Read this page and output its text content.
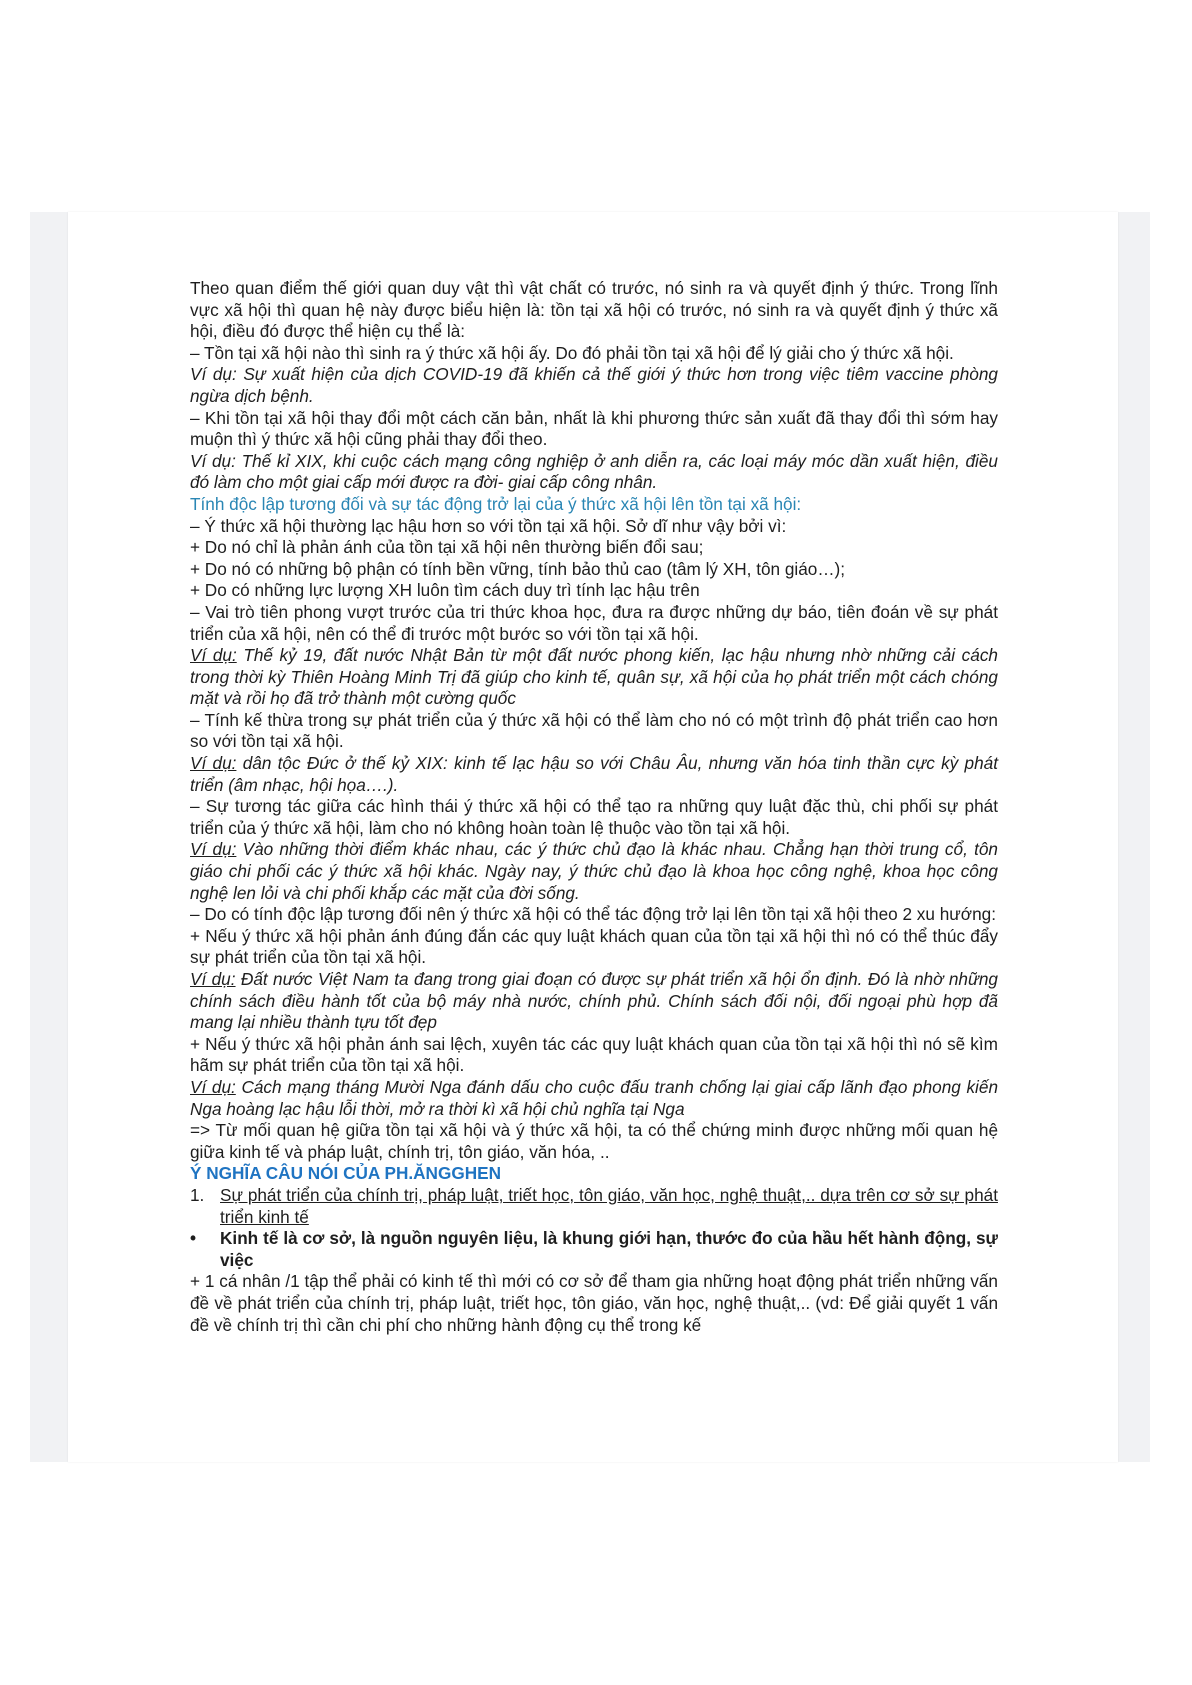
Theo quan điểm thế giới quan duy vật thì vật chất có trước, nó sinh ra và quyết định ý thức. Trong lĩnh vực xã hội thì quan hệ này được biểu hiện là: tồn tại xã hội có trước, nó sinh ra và quyết định ý thức xã hội, điều đó được thể hiện cụ thể là:

– Tồn tại xã hội nào thì sinh ra ý thức xã hội ấy. Do đó phải tồn tại xã hội để lý giải cho ý thức xã hội.

Ví dụ: Sự xuất hiện của dịch COVID-19 đã khiến cả thế giới ý thức hơn trong việc tiêm vaccine phòng ngừa dịch bệnh.

– Khi tồn tại xã hội thay đổi một cách căn bản, nhất là khi phương thức sản xuất đã thay đổi thì sớm hay muộn thì ý thức xã hội cũng phải thay đổi theo.

Ví dụ: Thế kỉ XIX, khi cuộc cách mạng công nghiệp ở anh diễn ra, các loại máy móc dần xuất hiện, điều đó làm cho một giai cấp mới được ra đời- giai cấp công nhân.

Tính độc lập tương đối và sự tác động trở lại của ý thức xã hội lên tồn tại xã hội:

– Ý thức xã hội thường lạc hậu hơn so với tồn tại xã hội. Sở dĩ như vậy bởi vì:

+ Do nó chỉ là phản ánh của tồn tại xã hội nên thường biến đổi sau;

+ Do nó có những bộ phận có tính bền vững, tính bảo thủ cao (tâm lý XH, tôn giáo…);

+ Do có những lực lượng XH luôn tìm cách duy trì tính lạc hậu trên

– Vai trò tiên phong vượt trước của tri thức khoa học, đưa ra được những dự báo, tiên đoán về sự phát triển của xã hội, nên có thể đi trước một bước so với tồn tại xã hội.

Ví dụ: Thế kỷ 19, đất nước Nhật Bản từ một đất nước phong kiến, lạc hậu nhưng nhờ những cải cách trong thời kỳ Thiên Hoàng Minh Trị đã giúp cho kinh tế, quân sự, xã hội của họ phát triển một cách chóng mặt và rồi họ đã trở thành một cường quốc

– Tính kế thừa trong sự phát triển của ý thức xã hội có thể làm cho nó có một trình độ phát triển cao hơn so với tồn tại xã hội.

Ví dụ: dân tộc Đức ở thế kỷ XIX: kinh tế lạc hậu so với Châu Âu, nhưng văn hóa tinh thần cực kỳ phát triển (âm nhạc, hội họa….).

– Sự tương tác giữa các hình thái ý thức xã hội có thể tạo ra những quy luật đặc thù, chi phối sự phát triển của ý thức xã hội, làm cho nó không hoàn toàn lệ thuộc vào tồn tại xã hội.

Ví dụ: Vào những thời điểm khác nhau, các ý thức chủ đạo là khác nhau. Chẳng hạn thời trung cổ, tôn giáo chi phối các ý thức xã hội khác. Ngày nay, ý thức chủ đạo là khoa học công nghệ, khoa học công nghệ len lỏi và chi phối khắp các mặt của đời sống.

– Do có tính độc lập tương đối nên ý thức xã hội có thể tác động trở lại lên tồn tại xã hội theo 2 xu hướng:

+ Nếu ý thức xã hội phản ánh đúng đắn các quy luật khách quan của tồn tại xã hội thì nó có thể thúc đẩy sự phát triển của tồn tại xã hội.

Ví dụ: Đất nước Việt Nam ta đang trong giai đoạn có được sự phát triển xã hội ổn định. Đó là nhờ những chính sách điều hành tốt của bộ máy nhà nước, chính phủ. Chính sách đối nội, đối ngoại phù hợp đã mang lại nhiều thành tựu tốt đẹp

+ Nếu ý thức xã hội phản ánh sai lệch, xuyên tác các quy luật khách quan của tồn tại xã hội thì nó sẽ kìm hãm sự phát triển của tồn tại xã hội.

Ví dụ: Cách mạng tháng Mười Nga đánh dấu cho cuộc đấu tranh chống lại giai cấp lãnh đạo phong kiến Nga hoàng lạc hậu lỗi thời, mở ra thời kì xã hội chủ nghĩa tại Nga

=> Từ mối quan hệ giữa tồn tại xã hội và ý thức xã hội, ta có thể chứng minh được những mối quan hệ giữa kinh tế và pháp luật, chính trị, tôn giáo, văn hóa, ..

Ý NGHĨA CÂU NÓI CỦA PH.ĂNGGHEN

1. Sự phát triển của chính trị, pháp luật, triết học, tôn giáo, văn học, nghệ thuật,.. dựa trên cơ sở sự phát triển kinh tế
•	Kinh tế là cơ sở, là nguồn nguyên liệu, là khung giới hạn, thước đo của hầu hết hành động, sự việc

+ 1 cá nhân /1 tập thể phải có kinh tế thì mới có cơ sở để tham gia những hoạt động phát triển những vấn đề về phát triển của chính trị, pháp luật, triết học, tôn giáo, văn học, nghệ thuật,.. (vd: Để giải quyết 1 vấn đề về chính trị thì cần chi phí cho những hành động cụ thể trong kế
